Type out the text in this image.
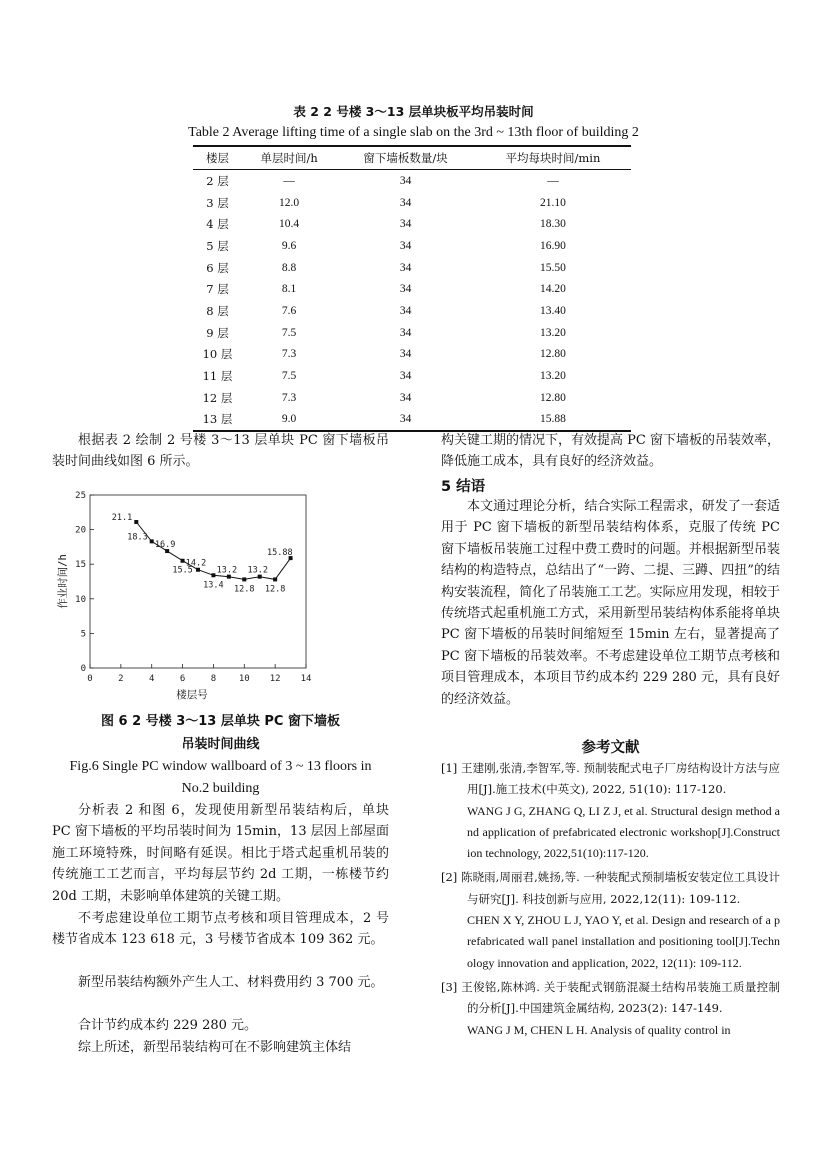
表 2 2 号楼 3～13 层单块板平均吊装时间
Table 2 Average lifting time of a single slab on the 3rd ~ 13th floor of building 2
楼层	单层时间/h	窗下墙板数量/块	平均每块时间/min
2 层	—	34	—
3 层	12.0	34	21.10
4 层	10.4	34	18.30
5 层	9.6	34	16.90
6 层	8.8	34	15.50
7 层	8.1	34	14.20
8 层	7.6	34	13.40
9 层	7.5	34	13.20
10 层	7.3	34	12.80
11 层	7.5	34	13.20
12 层	7.3	34	12.80
13 层	9.0	34	15.88
根据表 2 绘制 2 号楼 3～13 层单块 PC 窗下墙板吊装时间曲线如图 6 所示。
0	2	4	6	8	10 12 14
0
5
10
15
20
25
楼层号
作业时间/h
21.1
18.3
16.9
15.5
14.2
13.4
13.2
12.8
13.2
12.8
15.88
图 6 2 号楼 3～13 层单块 PC 窗下墙板
吊装时间曲线
Fig.6 Single PC window wallboard of 3 ~ 13 floors in
No.2 building
分析表 2 和图 6，发现使用新型吊装结构后，单块 PC 窗下墙板的平均吊装时间为 15min，13 层因上部屋面施工环境特殊，时间略有延误。相比于塔式起重机吊装的传统施工工艺而言，平均每层节约 2d 工期，一栋楼节约 20d 工期，未影响单体建筑的关键工期。
不考虑建设单位工期节点考核和项目管理成本，2 号楼节省成本 123 618 元，3 号楼节省成本 109 362 元。
新型吊装结构额外产生人工、材料费用约 3 700 元。
合计节约成本约 229 280 元。
综上所述，新型吊装结构可在不影响建筑主体结
构关键工期的情况下，有效提高 PC 窗下墙板的吊装效率，降低施工成本，具有良好的经济效益。
5 结语
本文通过理论分析，结合实际工程需求，研发了一套适用于 PC 窗下墙板的新型吊装结构体系，克服了传统 PC 窗下墙板吊装施工过程中费工费时的问题。并根据新型吊装结构的构造特点，总结出了“一跨、二提、三蹲、四扭”的结构安装流程，简化了吊装施工工艺。实际应用发现，相较于传统塔式起重机施工方式，采用新型吊装结构体系能将单块 PC 窗下墙板的吊装时间缩短至 15min 左右，显著提高了 PC 窗下墙板的吊装效率。不考虑建设单位工期节点考核和项目管理成本，本项目节约成本约 229 280 元，具有良好的经济效益。
参考文献
[1] 王建刚,张清,李智军,等. 预制装配式电子厂房结构设计方法与应用[J].施工技术(中英文), 2022, 51(10): 117-120.
WANG J G, ZHANG Q, LI Z J, et al. Structural design method and application of prefabricated electronic workshop[J].Construction technology, 2022,51(10):117-120.
[2] 陈晓雨,周丽君,姚扬,等. 一种装配式预制墙板安装定位工具设计与研究[J]. 科技创新与应用, 2022,12(11): 109-112.
CHEN X Y, ZHOU L J, YAO Y, et al. Design and research of a prefabricated wall panel installation and positioning tool[J].Technology innovation and application, 2022, 12(11): 109-112.
[3] 王俊铭,陈林鸿. 关于装配式钢筋混凝土结构吊装施工质量控制的分析[J].中国建筑金属结构, 2023(2): 147-149.
WANG J M, CHEN L H. Analysis of quality control in
